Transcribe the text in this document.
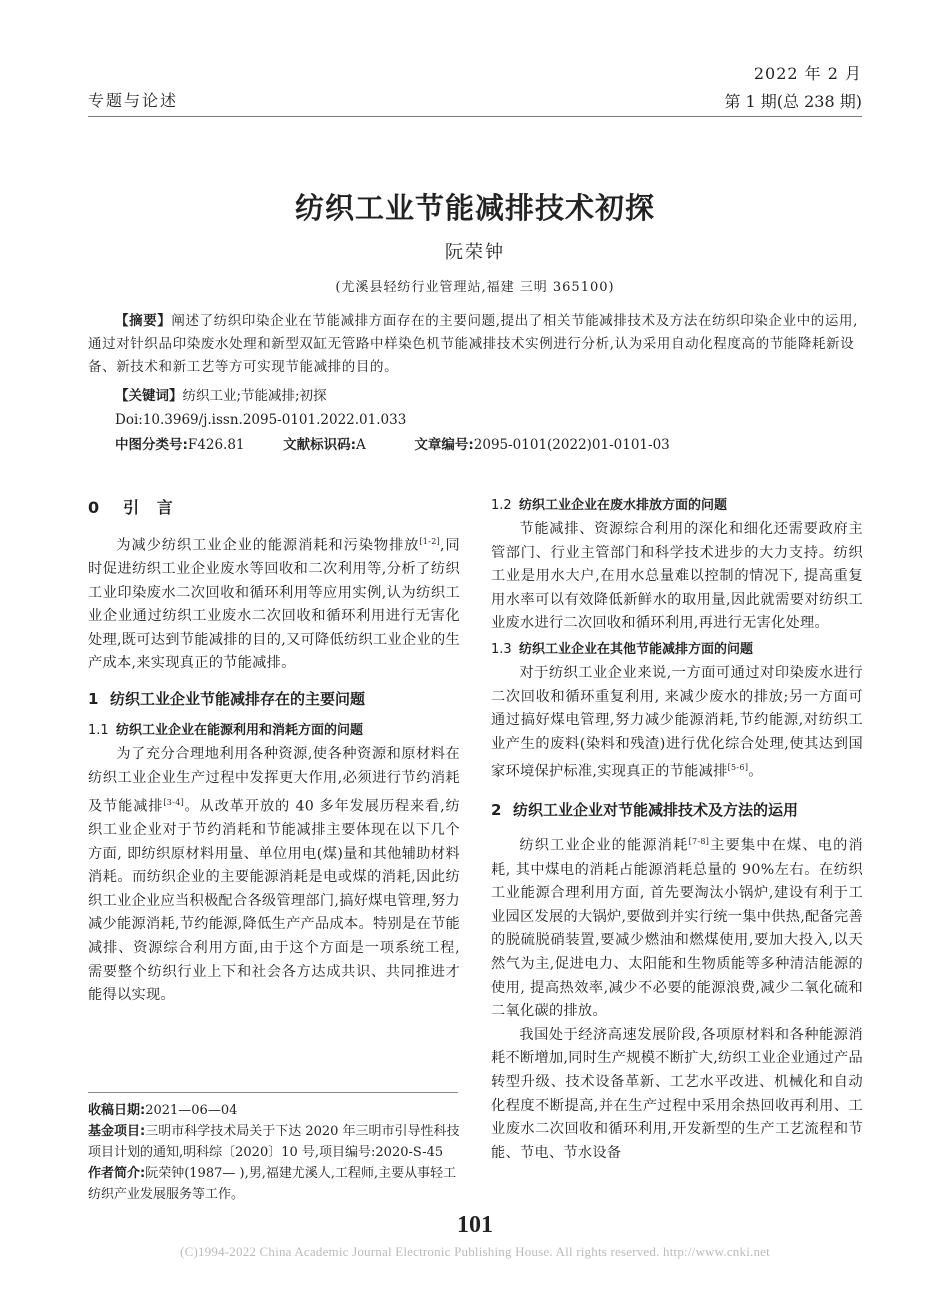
专题与论述
2022 年 2 月
第 1 期(总 238 期)
纺织工业节能减排技术初探
阮荣钟
(尤溪县轻纺行业管理站,福建 三明 365100)
【摘要】阐述了纺织印染企业在节能减排方面存在的主要问题,提出了相关节能减排技术及方法在纺织印染企业中的运用,通过对针织品印染废水处理和新型双缸无管路中样染色机节能减排技术实例进行分析,认为采用自动化程度高的节能降耗新设备、新技术和新工艺等方可实现节能减排的目的。
【关键词】纺织工业;节能减排;初探
Doi:10.3969/j.issn.2095-0101.2022.01.033
中图分类号:F426.81	文献标识码:A	文章编号:2095-0101(2022)01-0101-03
0 引 言

为减少纺织工业企业的能源消耗和污染物排放[1-2],同时促进纺织工业企业废水等回收和二次利用等,分析了纺织工业印染废水二次回收和循环利用等应用实例,认为纺织工业企业通过纺织工业废水二次回收和循环利用进行无害化处理,既可达到节能减排的目的,又可降低纺织工业企业的生产成本,来实现真正的节能减排。

1 纺织工业企业节能减排存在的主要问题
1.1 纺织工业企业在能源利用和消耗方面的问题

为了充分合理地利用各种资源,使各种资源和原材料在纺织工业企业生产过程中发挥更大作用,必须进行节约消耗及节能减排[3-4]。从改革开放的 40 多年发展历程来看,纺织工业企业对于节约消耗和节能减排主要体现在以下几个方面, 即纺织原材料用量、单位用电(煤)量和其他辅助材料消耗。而纺织企业的主要能源消耗是电或煤的消耗,因此纺织工业企业应当积极配合各级管理部门,搞好煤电管理,努力减少能源消耗,节约能源,降低生产产品成本。特别是在节能减排、资源综合利用方面,由于这个方面是一项系统工程, 需要整个纺织行业上下和社会各方达成共识、共同推进才能得以实现。

收稿日期:2021—06—04
基金项目:三明市科学技术局关于下达 2020 年三明市引导性科技项目计划的通知,明科综〔2020〕10 号,项目编号:2020-S-45
作者简介:阮荣钟(1987— ),男,福建尤溪人,工程师,主要从事轻工纺织产业发展服务等工作。
1.2 纺织工业企业在废水排放方面的问题

节能减排、资源综合利用的深化和细化还需要政府主管部门、行业主管部门和科学技术进步的大力支持。纺织工业是用水大户,在用水总量难以控制的情况下, 提高重复用水率可以有效降低新鲜水的取用量,因此就需要对纺织工业废水进行二次回收和循环利用,再进行无害化处理。

1.3 纺织工业企业在其他节能减排方面的问题

对于纺织工业企业来说,一方面可通过对印染废水进行二次回收和循环重复利用, 来减少废水的排放;另一方面可通过搞好煤电管理,努力减少能源消耗,节约能源,对纺织工业产生的废料(染料和残渣)进行优化综合处理,使其达到国家环境保护标准,实现真正的节能减排[5-6]。

2 纺织工业企业对节能减排技术及方法的运用

纺织工业企业的能源消耗[7-8]主要集中在煤、电的消耗, 其中煤电的消耗占能源消耗总量的 90%左右。在纺织工业能源合理利用方面, 首先要淘汰小锅炉,建设有利于工业园区发展的大锅炉,要做到并实行统一集中供热,配备完善的脱硫脱硝装置,要减少燃油和燃煤使用,要加大投入,以天然气为主,促进电力、太阳能和生物质能等多种清洁能源的使用, 提高热效率,减少不必要的能源浪费,减少二氧化硫和二氧化碳的排放。

我国处于经济高速发展阶段,各项原材料和各种能源消耗不断增加,同时生产规模不断扩大,纺织工业企业通过产品转型升级、技术设备革新、工艺水平改进、机械化和自动化程度不断提高,并在生产过程中采用余热回收再利用、工业废水二次回收和循环利用,开发新型的生产工艺流程和节能、节电、节水设备

101
(C)1994-2022 China Academic Journal Electronic Publishing House. All rights reserved. http://www.cnki.net
